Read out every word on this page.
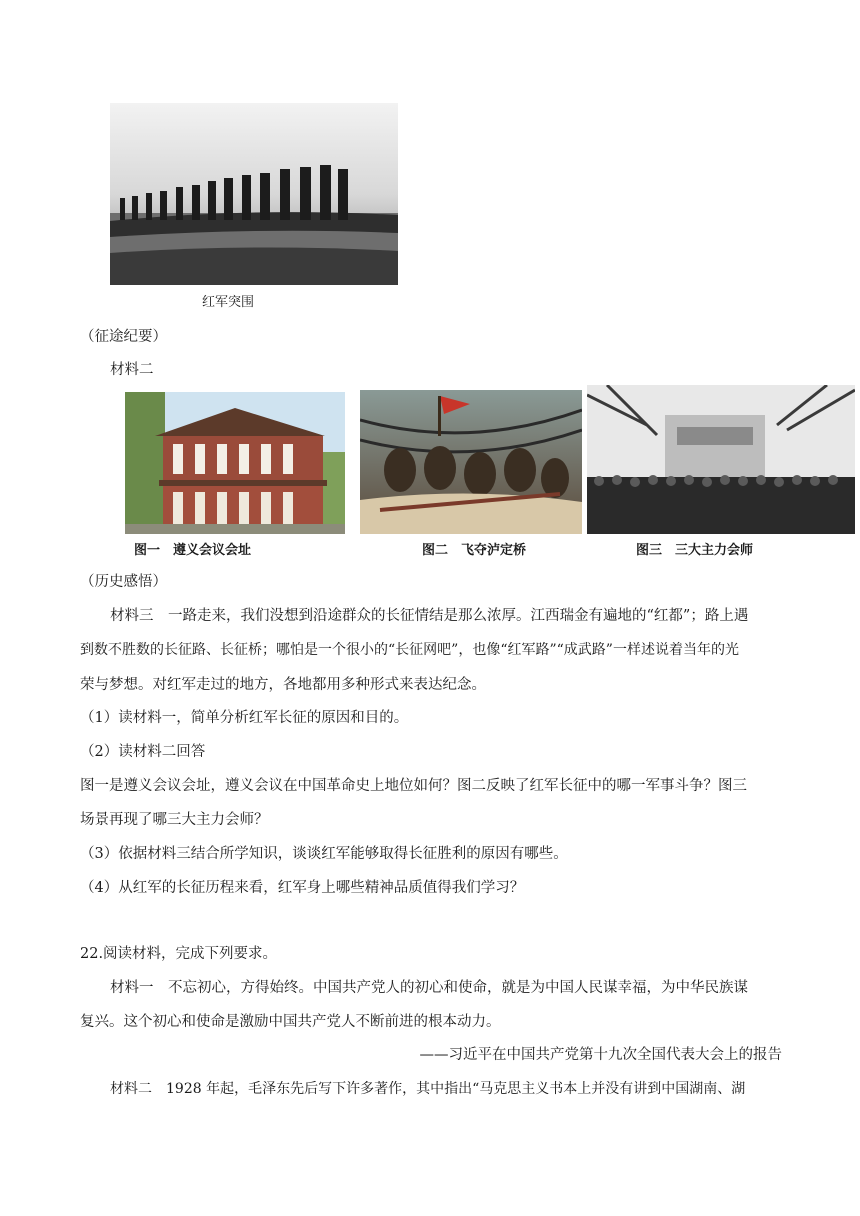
红军突围
（征途纪要）
材料二
图一　遵义会议会址	图二　飞夺泸定桥	图三　三大主力会师
（历史感悟）
材料三　一路走来，我们没想到沿途群众的长征情结是那么浓厚。江西瑞金有遍地的“红都”；路上遇
到数不胜数的长征路、长征桥；哪怕是一个很小的“长征网吧”，也像“红军路”“成武路”一样述说着当年的光
荣与梦想。对红军走过的地方，各地都用多种形式来表达纪念。
（1）读材料一，简单分析红军长征的原因和目的。
（2）读材料二回答
图一是遵义会议会址，遵义会议在中国革命史上地位如何？图二反映了红军长征中的哪一军事斗争？图三
场景再现了哪三大主力会师？
（3）依据材料三结合所学知识，谈谈红军能够取得长征胜利的原因有哪些。
（4）从红军的长征历程来看，红军身上哪些精神品质值得我们学习？
22.阅读材料，完成下列要求。
材料一　不忘初心，方得始终。中国共产党人的初心和使命，就是为中国人民谋幸福，为中华民族谋
复兴。这个初心和使命是激励中国共产党人不断前进的根本动力。
——习近平在中国共产党第十九次全国代表大会上的报告
材料二　1928 年起，毛泽东先后写下许多著作，其中指出“马克思主义书本上并没有讲到中国湖南、湖
